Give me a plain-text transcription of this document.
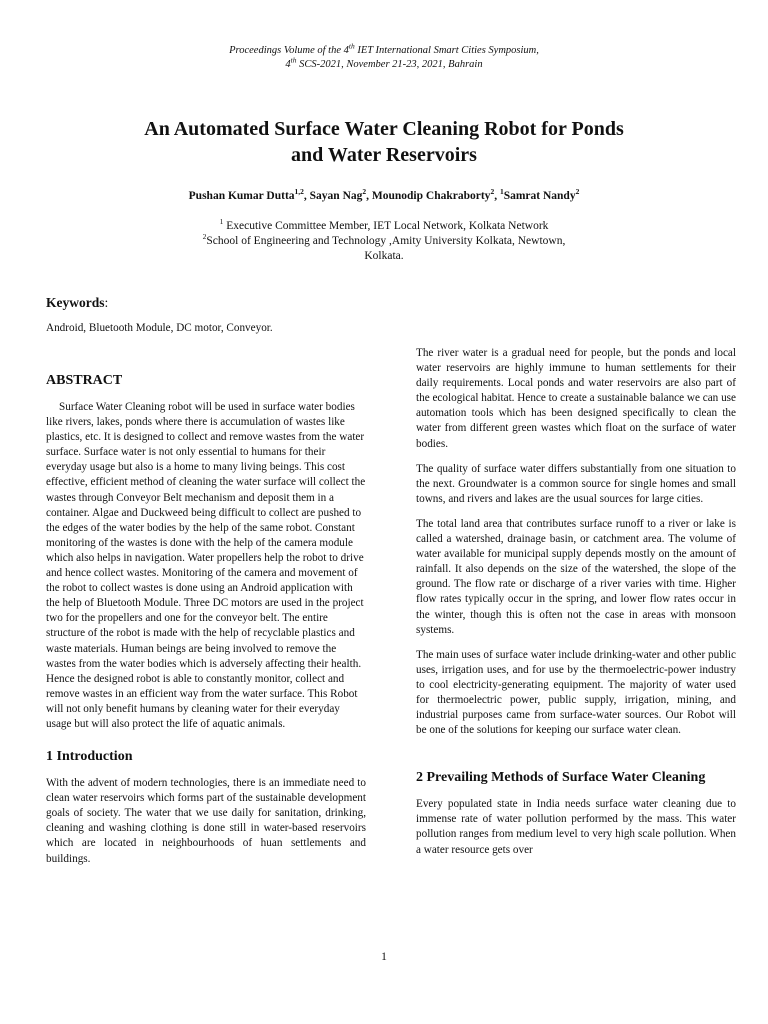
Proceedings Volume of the 4th IET International Smart Cities Symposium,
4th SCS-2021, November 21-23, 2021, Bahrain
An Automated Surface Water Cleaning Robot for Ponds
and Water Reservoirs
Pushan Kumar Dutta$^{1,2}$, Sayan Nag$^2$, Mounodip Chakraborty$^2$, $^1$Samrat Nandy$^2$
$^1$ Executive Committee Member, IET Local Network, Kolkata Network
$^2$School of Engineering and Technology ,Amity University Kolkata, Newtown,
Kolkata.
Keywords:
Android, Bluetooth Module, DC motor, Conveyor.
ABSTRACT

Surface Water Cleaning robot will be used in surface water bodies like rivers, lakes, ponds where there is accumulation of wastes like plastics, etc. It is designed to collect and remove wastes from the water surface. Surface water is not only essential to humans for their everyday usage but also is a home to many living beings. This cost effective, efficient method of cleaning the water surface will collect the wastes through Conveyor Belt mechanism and deposit them in a container. Algae and Duckweed being difficult to collect are pushed to the edges of the water bodies by the help of the same robot. Constant monitoring of the wastes is done with the help of the camera module which also helps in navigation. Water propellers help the robot to drive and hence collect wastes. Monitoring of the camera and movement of the robot to collect wastes is done using an Android application with the help of Bluetooth Module. Three DC motors are used in the project two for the propellers and one for the conveyor belt. The entire structure of the robot is made with the help of recyclable plastics and waste materials. Human beings are being involved to remove the wastes from the water bodies which is adversely affecting their health. Hence the designed robot is able to constantly monitor, collect and remove wastes in an efficient way from the water surface. This Robot will not only benefit humans by cleaning water for their everyday usage but will also protect the life of aquatic animals.

1 Introduction

With the advent of modern technologies, there is an immediate need to clean water reservoirs which forms part of the sustainable development goals of society. The water that we use daily for sanitation, drinking, cleaning and washing clothing is done still in water-based reservoirs which are located in neighbourhoods of huan settlements and buildings.

The river water is a gradual need for people, but the ponds and local water reservoirs are highly immune to human settlements for their daily requirements. Local ponds and water reservoirs are also part of the ecological habitat. Hence to create a sustainable balance we can use automation tools which has been designed specifically to clean the water from different green wastes which float on the surface of water bodies.

The quality of surface water differs substantially from one situation to the next. Groundwater is a common source for single homes and small towns, and rivers and lakes are the usual sources for large cities.

The total land area that contributes surface runoff to a river or lake is called a watershed, drainage basin, or catchment area. The volume of water available for municipal supply depends mostly on the amount of rainfall. It also depends on the size of the watershed, the slope of the ground. The flow rate or discharge of a river varies with time. Higher flow rates typically occur in the spring, and lower flow rates occur in the winter, though this is often not the case in areas with monsoon systems.

The main uses of surface water include drinking-water and other public uses, irrigation uses, and for use by the thermoelectric-power industry to cool electricity-generating equipment. The majority of water used for thermoelectric power, public supply, irrigation, mining, and industrial purposes came from surface-water sources. Our Robot will be one of the solutions for keeping our surface water clean.

2 Prevailing Methods of Surface Water Cleaning

Every populated state in India needs surface water cleaning due to immense rate of water pollution performed by the mass. This water pollution ranges from medium level to very high scale pollution. When a water resource gets over

1
